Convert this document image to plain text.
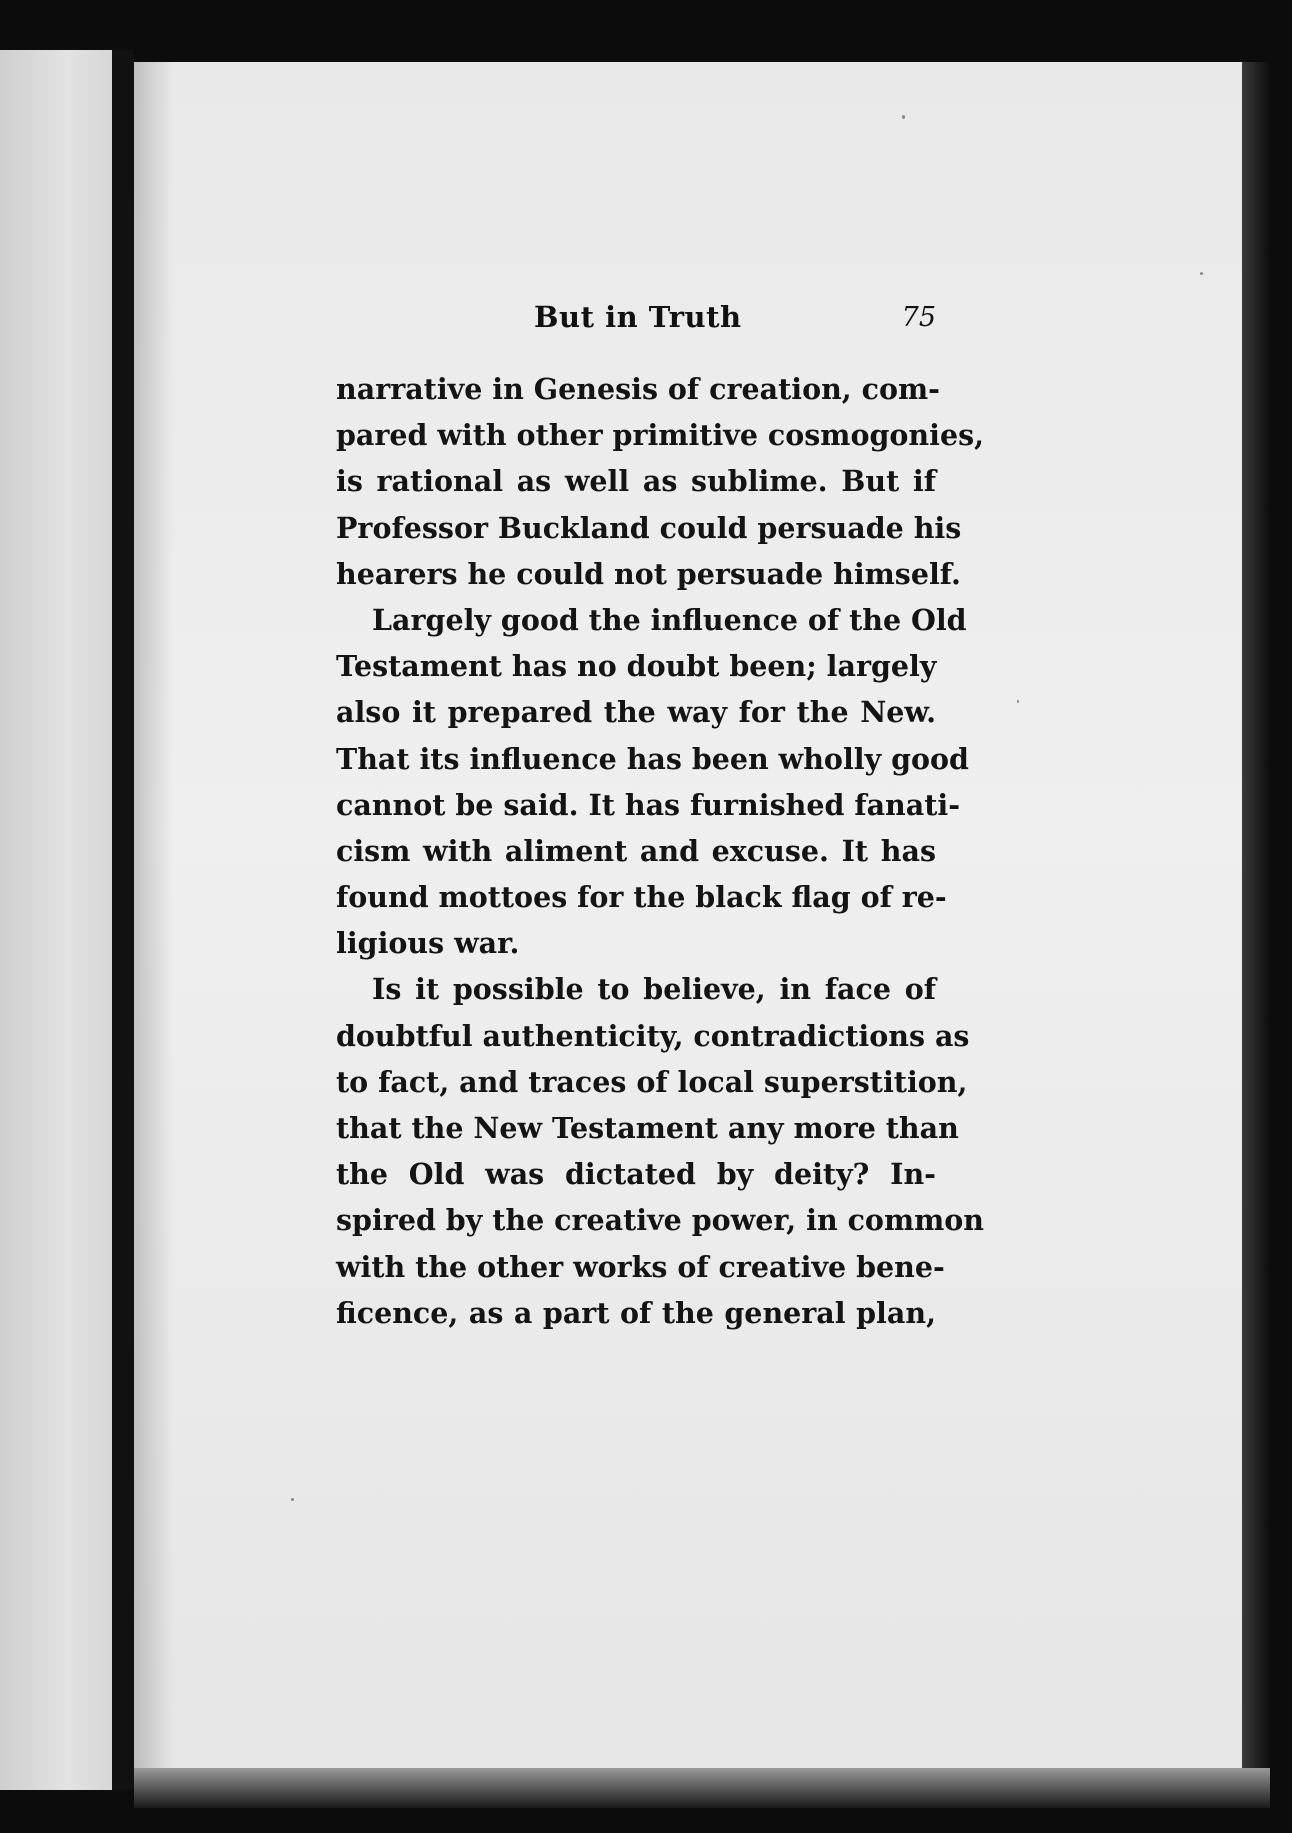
But in Truth	75
narrative in Genesis of creation, com-
pared with other primitive cosmogonies,
is rational as well as sublime. But if
Professor Buckland could persuade his
hearers he could not persuade himself.
Largely good the influence of the Old
Testament has no doubt been; largely
also it prepared the way for the New.
That its influence has been wholly good
cannot be said. It has furnished fanati-
cism with aliment and excuse. It has
found mottoes for the black flag of re-
ligious war.
Is it possible to believe, in face of
doubtful authenticity, contradictions as
to fact, and traces of local superstition,
that the New Testament any more than
the Old was dictated by deity? In-
spired by the creative power, in common
with the other works of creative bene-
ficence, as a part of the general plan,
